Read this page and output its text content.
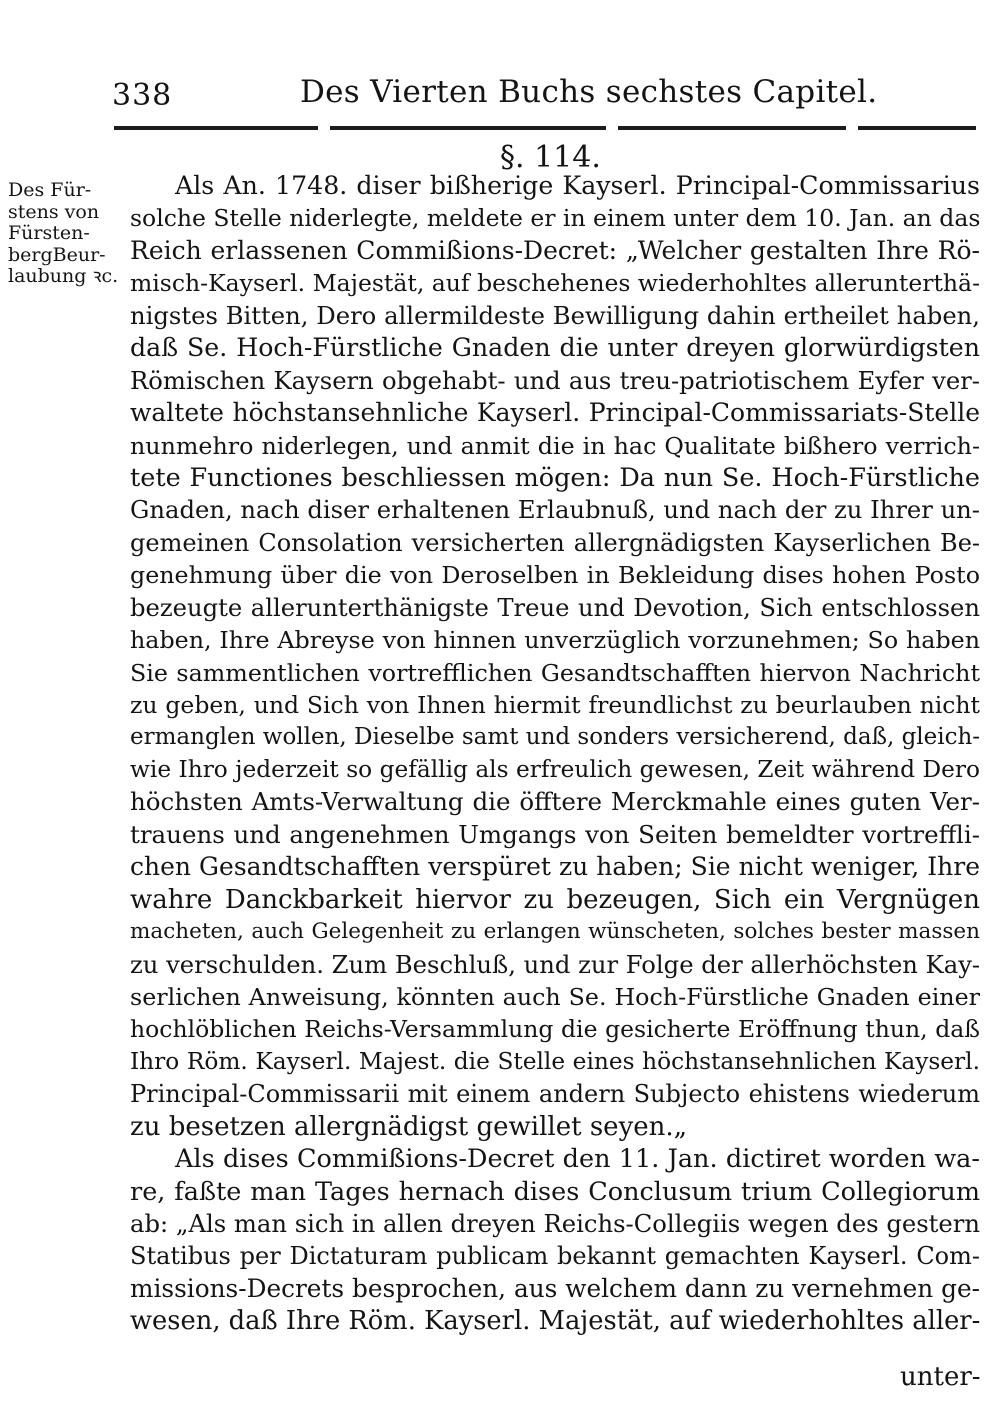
338	Des Vierten Buchs sechstes Capitel.
§. 114.
Des Für-
stens von
Fürsten-
bergBeur-
laubung ꝛc.
Als An. 1748. diser bißherige Kayserl. Principal-Commissarius
solche Stelle niderlegte, meldete er in einem unter dem 10. Jan. an das
Reich erlassenen Commißions-Decret: „Welcher gestalten Ihre Rö-
misch-Kayserl. Majestät, auf beschehenes wiederhohltes allerunterthä-
nigstes Bitten, Dero allermildeste Bewilligung dahin ertheilet haben,
daß Se. Hoch-Fürstliche Gnaden die unter dreyen glorwürdigsten
Römischen Kaysern obgehabt- und aus treu-patriotischem Eyfer ver-
waltete höchstansehnliche Kayserl. Principal-Commissariats-Stelle
nunmehro niderlegen, und anmit die in hac Qualitate bißhero verrich-
tete Functiones beschliessen mögen: Da nun Se. Hoch-Fürstliche
Gnaden, nach diser erhaltenen Erlaubnuß, und nach der zu Ihrer un-
gemeinen Consolation versicherten allergnädigsten Kayserlichen Be-
genehmung über die von Deroselben in Bekleidung dises hohen Posto
bezeugte allerunterthänigste Treue und Devotion, Sich entschlossen
haben, Ihre Abreyse von hinnen unverzüglich vorzunehmen; So haben
Sie sammentlichen vortrefflichen Gesandtschafften hiervon Nachricht
zu geben, und Sich von Ihnen hiermit freundlichst zu beurlauben nicht
ermanglen wollen, Dieselbe samt und sonders versicherend, daß, gleich-
wie Ihro jederzeit so gefällig als erfreulich gewesen, Zeit während Dero
höchsten Amts-Verwaltung die öfftere Merckmahle eines guten Ver-
trauens und angenehmen Umgangs von Seiten bemeldter vortreffli-
chen Gesandtschafften verspüret zu haben; Sie nicht weniger, Ihre
wahre Danckbarkeit hiervor zu bezeugen, Sich ein Vergnügen
macheten, auch Gelegenheit zu erlangen wünscheten, solches bester massen
zu verschulden. Zum Beschluß, und zur Folge der allerhöchsten Kay-
serlichen Anweisung, könnten auch Se. Hoch-Fürstliche Gnaden einer
hochlöblichen Reichs-Versammlung die gesicherte Eröffnung thun, daß
Ihro Röm. Kayserl. Majest. die Stelle eines höchstansehnlichen Kayserl.
Principal-Commissarii mit einem andern Subjecto ehistens wiederum
zu besetzen allergnädigst gewillet seyen.„
Als dises Commißions-Decret den 11. Jan. dictiret worden wa-
re, faßte man Tages hernach dises Conclusum trium Collegiorum
ab: „Als man sich in allen dreyen Reichs-Collegiis wegen des gestern
Statibus per Dictaturam publicam bekannt gemachten Kayserl. Com-
missions-Decrets besprochen, aus welchem dann zu vernehmen ge-
wesen, daß Ihre Röm. Kayserl. Majestät, auf wiederhohltes aller-
unter-
